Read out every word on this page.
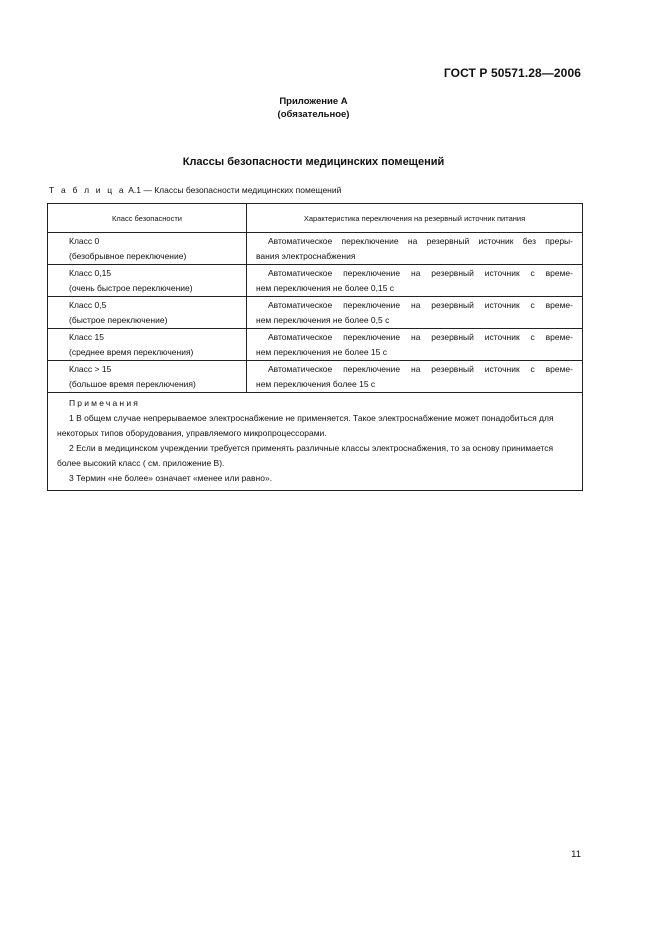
ГОСТ Р 50571.28—2006
Приложение А
(обязательное)
Классы безопасности медицинских помещений
Т а б л и ц а А.1 — Классы безопасности медицинских помещений
Класс безопасности	Характеристика переключения на резервный источник питания

Класс 0
(безобрывное переключение)	Автоматическое переключение на резервный источник без преры-
вания электроснабжения

Класс 0,15
(очень быстрое переключение)	Автоматическое переключение на резервный источник с време-
нем переключения не более 0,15 с

Класс 0,5
(быстрое переключение)	Автоматическое переключение на резервный источник с време-
нем переключения не более 0,5 с

Класс 15
(среднее время переключения)	Автоматическое переключение на резервный источник с време-
нем переключения не более 15 с

Класс > 15
(большое время переключения)	Автоматическое переключение на резервный источник с време-
нем переключения более 15 с

Примечания
1 В общем случае непрерываемое электроснабжение не применяется. Такое электроснабжение может понадобиться для некоторых типов оборудования, управляемого микропроцессорами.
2 Если в медицинском учреждении требуется применять различные классы электроснабжения, то за основу принимается более высокий класс ( см. приложение В).
3 Термин «не более» означает «менее или равно».	
11
